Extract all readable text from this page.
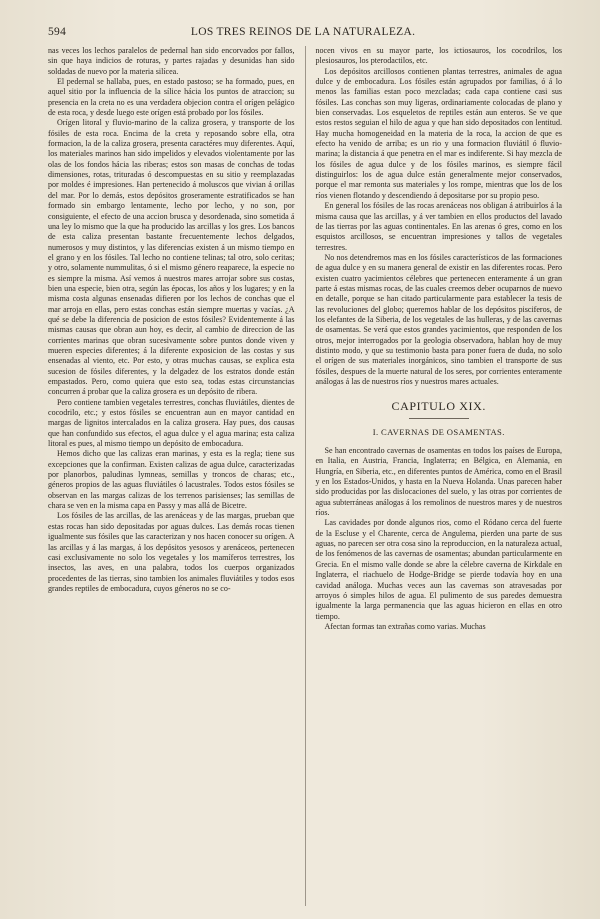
594	LOS TRES REINOS DE LA NATURALEZA.

nas veces los lechos paralelos de pedernal han sido encorvados por fallos, sin que haya indicios de roturas, y partes rajadas y desunidas han sido soldadas de nuevo por la materia silícea.

El pedernal se hallaba, pues, en estado pastoso; se ha formado, pues, en aquel sitio por la influencia de la sílice hácia los puntos de atraccion; su presencia en la creta no es una verdadera objecion contra el orígen pelágico de esta roca, y desde luego este orígen está probado por los fósiles.

Orígen litoral y fluvio-marino de la caliza grosera, y transporte de los fósiles de esta roca. Encima de la creta y reposando sobre ella, otra formacion, la de la caliza grosera, presenta caractéres muy diferentes. Aquí, los materiales marinos han sido impelidos y elevados violentamente por las olas de los fondos hácia las riberas; estos son masas de conchas de todas dimensiones, rotas, trituradas ó descompuestas en su sitio y reemplazadas por moldes é impresiones. Han pertenecido á moluscos que vivian á orillas del mar. Por lo demás, estos depósitos groseramente estratificados se han formado sin embargo lentamente, lecho por lecho, y no son, por consiguiente, el efecto de una accion brusca y desordenada, sino sometida á una ley lo mismo que la que ha producido las arcillas y los gres. Los bancos de esta caliza presentan bastante frecuentemente lechos delgados, numerosos y muy distintos, y las diferencias existen á un mismo tiempo en el grano y en los fósiles. Tal lecho no contiene telinas; tal otro, solo ceritas; y otro, solamente nummulitas, ó si el mismo género reaparece, la especie no es siempre la misma. Así vemos á nuestros mares arrojar sobre sus costas, bien una especie, bien otra, según las épocas, los años y los lugares; y en la misma costa algunas ensenadas difieren por los lechos de conchas que el mar arroja en ellas, pero estas conchas están siempre muertas y vacías. ¿A qué se debe la diferencia de posicion de estos fósiles? Evidentemente á las mismas causas que obran aun hoy, es decir, al cambio de direccion de las corrientes marinas que obran sucesivamente sobre puntos donde viven y mueren especies diferentes; á la diferente exposicion de las costas y sus ensenadas al viento, etc. Por esto, y otras muchas causas, se explica esta sucesion de fósiles diferentes, y la delgadez de los estratos donde están empastados. Pero, como quiera que esto sea, todas estas circunstancias concurren á probar que la caliza grosera es un depósito de ribera.

Pero contiene tambien vegetales terrestres, conchas fluviátiles, dientes de cocodrilo, etc.; y estos fósiles se encuentran aun en mayor cantidad en margas de lignitos intercalados en la caliza grosera. Hay pues, dos causas que han confundido sus efectos, el agua dulce y el agua marina; esta caliza litoral es pues, al mismo tiempo un depósito de embocadura.

Hemos dicho que las calizas eran marinas, y esta es la regla; tiene sus excepciones que la confirman. Existen calizas de agua dulce, caracterizadas por planorbos, paludinas lymneas, semillas y troncos de charas; etc., géneros propios de las aguas fluviátiles ó lacustrales. Todos estos fósiles se observan en las margas calizas de los terrenos parisienses; las semillas de chara se ven en la misma capa en Passy y mas allá de Bicetre.

Los fósiles de las arcillas, de las arenáceas y de las margas, prueban que estas rocas han sido depositadas por aguas dulces. Las demás rocas tienen igualmente sus fósiles que las caracterizan y nos hacen conocer su orígen. A las arcillas y á las margas, á los depósitos yesosos y arenáceos, pertenecen casi exclusivamente no solo los vegetales y los mamíferos terrestres, los insectos, las aves, en una palabra, todos los cuerpos organizados procedentes de las tierras, sino tambien los animales fluviátiles y todos esos grandes reptiles de embocadura, cuyos géneros no se co-

nocen vivos en su mayor parte, los ictiosauros, los cocodrilos, los plesiosauros, los pterodactilos, etc.

Los depósitos arcillosos contienen plantas terrestres, animales de agua dulce y de embocadura. Los fósiles están agrupados por familias, ó á lo menos las familias estan poco mezcladas; cada capa contiene casi sus fósiles. Las conchas son muy ligeras, ordinariamente colocadas de plano y bien conservadas. Los esqueletos de reptiles están aun enteros. Se ve que estos restos seguian el hilo de agua y que han sido depositados con lentitud. Hay mucha homogeneidad en la materia de la roca, la accion de que es efecto ha venido de arriba; es un rio y una formacion fluviátil ó fluvio-marina; la distancia á que penetra en el mar es indiferente. Si hay mezcla de los fósiles de agua dulce y de los fósiles marinos, es siempre fácil distinguirlos: los de agua dulce están generalmente mejor conservados, porque el mar remonta sus materiales y los rompe, mientras que los de los ríos vienen flotando y descendiendo á depositarse por su propio peso.

En general los fósiles de las rocas arenáceas nos obligan á atribuirlos á la misma causa que las arcillas, y á ver tambien en ellos productos del lavado de las tierras por las aguas continentales. En las arenas ó gres, como en los esquistos arcillosos, se encuentran impresiones y tallos de vegetales terrestres.

No nos detendremos mas en los fósiles característicos de las formaciones de agua dulce y en su manera general de existir en las diferentes rocas. Pero existen cuatro yacimientos célebres que pertenecen enteramente á un gran parte á estas mismas rocas, de las cuales creemos deber ocuparnos de nuevo en detalle, porque se han citado particularmente para establecer la tesis de las revoluciones del globo; queremos hablar de los depósitos pisciferos, de los elefantes de la Siberia, de los vegetales de las hulleras, y de las cavernas de osamentas. Se verá que estos grandes yacimientos, que responden de los otros, mejor interrogados por la geologia observadora, hablan hoy de muy distinto modo, y que su testimonio basta para poner fuera de duda, no solo el orígen de sus materiales inorgánicos, sino tambien el transporte de sus fósiles, despues de la muerte natural de los seres, por corrientes enteramente análogas á las de nuestros ríos y nuestros mares actuales.

CAPITULO XIX.
I. CAVERNAS DE OSAMENTAS.

Se han encontrado cavernas de osamentas en todos los países de Europa, en Italia, en Austria, Francia, Inglaterra; en Bélgica, en Alemania, en Hungría, en Siberia, etc., en diferentes puntos de América, como en el Brasil y en los Estados-Unidos, y hasta en la Nueva Holanda. Unas parecen haber sido producidas por las dislocaciones del suelo, y las otras por corrientes de agua subterráneas análogas á los remolinos de nuestros mares y de nuestros ríos.

Las cavidades por donde algunos rios, como el Ródano cerca del fuerte de la Escluse y el Charente, cerca de Angulema, pierden una parte de sus aguas, no parecen ser otra cosa sino la reproduccion, en la naturaleza actual, de los fenómenos de las cavernas de osamentas; abundan particularmente en Grecia. En el mismo valle donde se abre la célebre caverna de Kirkdale en Inglaterra, el riachuelo de Hodge-Bridge se pierde todavía hoy en una cavidad análoga. Muchas veces aun las cavernas son atravesadas por arroyos ó simples hilos de agua. El pulimento de sus paredes demuestra igualmente la larga permanencia que las aguas hicieron en ellas en otro tiempo.

Afectan formas tan extrañas como varias. Muchas
